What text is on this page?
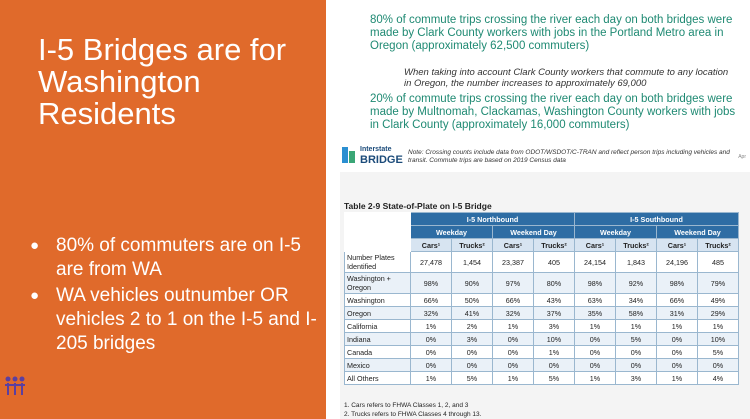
I-5 Bridges are for Washington Residents
● 80% of commuters are on I-5 are from WA
● WA vehicles outnumber OR vehicles 2 to 1 on the I-5 and I-205 bridges
80% of commute trips crossing the river each day on both bridges were made by Clark County workers with jobs in the Portland Metro area in Oregon (approximately 62,500 commuters)
When taking into account Clark County workers that commute to any location in Oregon, the number increases to approximately 69,000
20% of commute trips crossing the river each day on both bridges were made by Multnomah, Clackamas, Washington County workers with jobs in Clark County (approximately 16,000 commuters)
Interstate
BRIDGE
Note: Crossing counts include data from ODOT/WSDOT/C-TRAN and reflect person trips including vehicles and transit. Commute trips are based on 2019 Census data	Apr
Table 2-9 State-of-Plate on I-5 Bridge
	I-5 Northbound				I-5 Southbound			
	Weekday		Weekend Day		Weekday		Weekend Day	
	Cars¹	Trucks²	Cars¹	Trucks²	Cars¹	Trucks²	Cars¹	Trucks²
Number Plates Identified	27,478	1,454	23,387	405	24,154	1,843	24,196	485
Washington + Oregon	98%	90%	97%	80%	98%	92%	98%	79%
Washington	66%	50%	66%	43%	63%	34%	66%	49%
Oregon	32%	41%	32%	37%	35%	58%	31%	29%
California	1%	2%	1%	3%	1%	1%	1%	1%
Indiana	0%	3%	0%	10%	0%	5%	0%	10%
Canada	0%	0%	0%	1%	0%	0%	0%	5%
Mexico	0%	0%	0%	0%	0%	0%	0%	0%
All Others	1%	5%	1%	5%	1%	3%	1%	4%
1. Cars refers to FHWA Classes 1, 2, and 3
2. Trucks refers to FHWA Classes 4 through 13.
